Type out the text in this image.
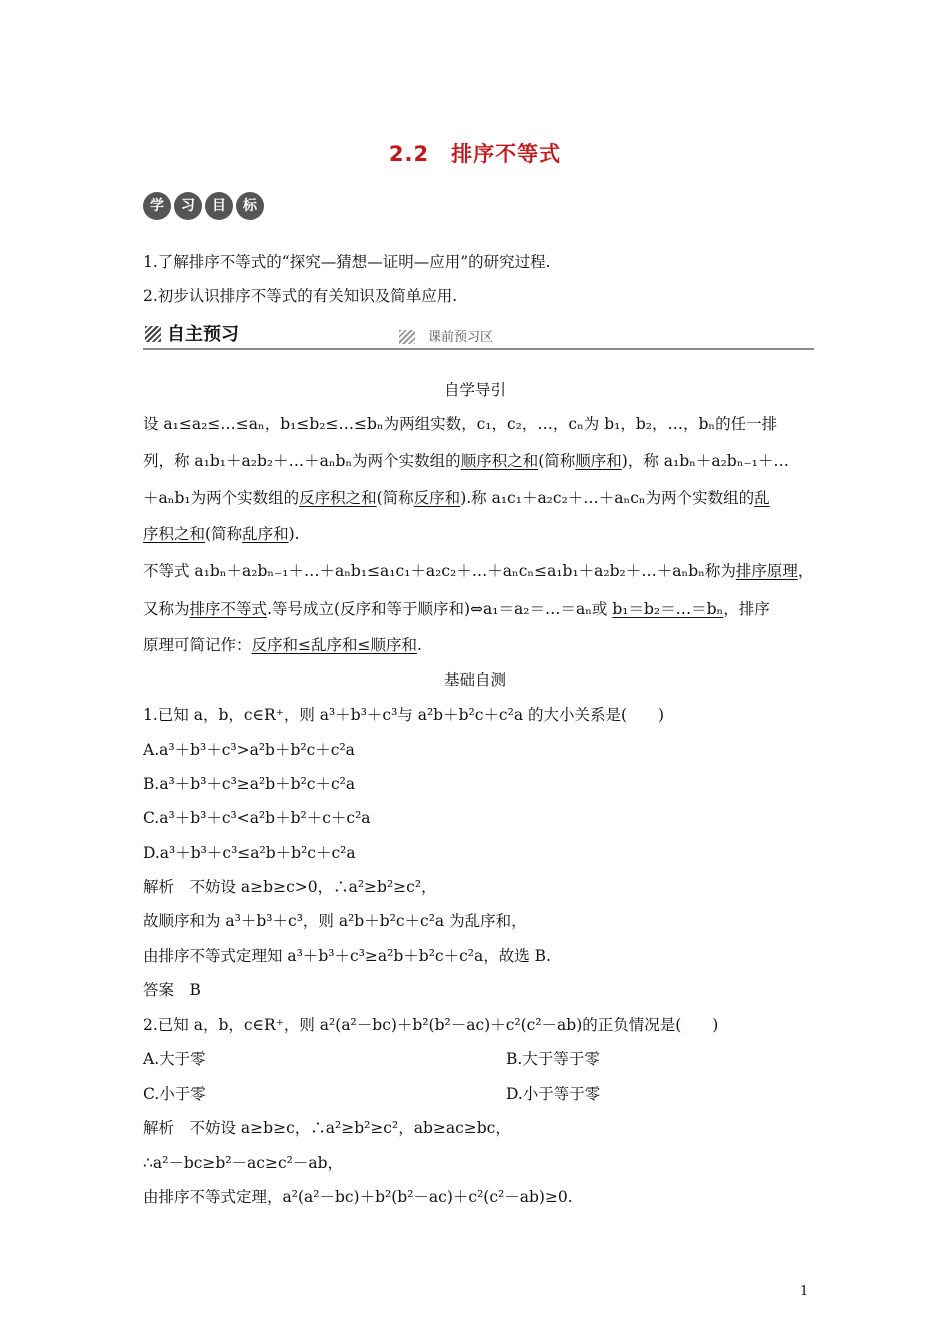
2.2　排序不等式
学	习	目	标
1.了解排序不等式的“探究—猜想—证明—应用”的研究过程.
2.初步认识排序不等式的有关知识及简单应用.
自主预习	课前预习区
自学导引
设 a₁≤a₂≤…≤aₙ，b₁≤b₂≤…≤bₙ为两组实数，c₁，c₂，…，cₙ为 b₁，b₂，…，bₙ的任一排
列，称 a₁b₁＋a₂b₂＋…＋aₙbₙ为两个实数组的顺序积之和(简称顺序和)，称 a₁bₙ＋a₂bₙ₋₁＋…
＋aₙb₁为两个实数组的反序积之和(简称反序和).称 a₁c₁＋a₂c₂＋…＋aₙcₙ为两个实数组的乱
序积之和(简称乱序和).
不等式 a₁bₙ＋a₂bₙ₋₁＋…＋aₙb₁≤a₁c₁＋a₂c₂＋…＋aₙcₙ≤a₁b₁＋a₂b₂＋…＋aₙbₙ称为排序原理，
又称为排序不等式.等号成立(反序和等于顺序和)⇔a₁＝a₂＝…＝aₙ或 b₁＝b₂＝…＝bₙ，排序
原理可简记作：反序和≤乱序和≤顺序和.
基础自测
1.已知 a，b，c∈R⁺，则 a³＋b³＋c³与 a²b＋b²c＋c²a 的大小关系是(　　)
A.a³＋b³＋c³>a²b＋b²c＋c²a
B.a³＋b³＋c³≥a²b＋b²c＋c²a
C.a³＋b³＋c³<a²b＋b²＋c＋c²a
D.a³＋b³＋c³≤a²b＋b²c＋c²a
解析　不妨设 a≥b≥c>0，∴a²≥b²≥c²，
故顺序和为 a³＋b³＋c³，则 a²b＋b²c＋c²a 为乱序和，
由排序不等式定理知 a³＋b³＋c³≥a²b＋b²c＋c²a，故选 B.
答案　B
2.已知 a，b，c∈R⁺，则 a²(a²－bc)＋b²(b²－ac)＋c²(c²－ab)的正负情况是(　　)
A.大于零	B.大于等于零
C.小于零	D.小于等于零
解析　不妨设 a≥b≥c，∴a²≥b²≥c²，ab≥ac≥bc，
∴a²－bc≥b²－ac≥c²－ab，
由排序不等式定理，a²(a²－bc)＋b²(b²－ac)＋c²(c²－ab)≥0.
1
